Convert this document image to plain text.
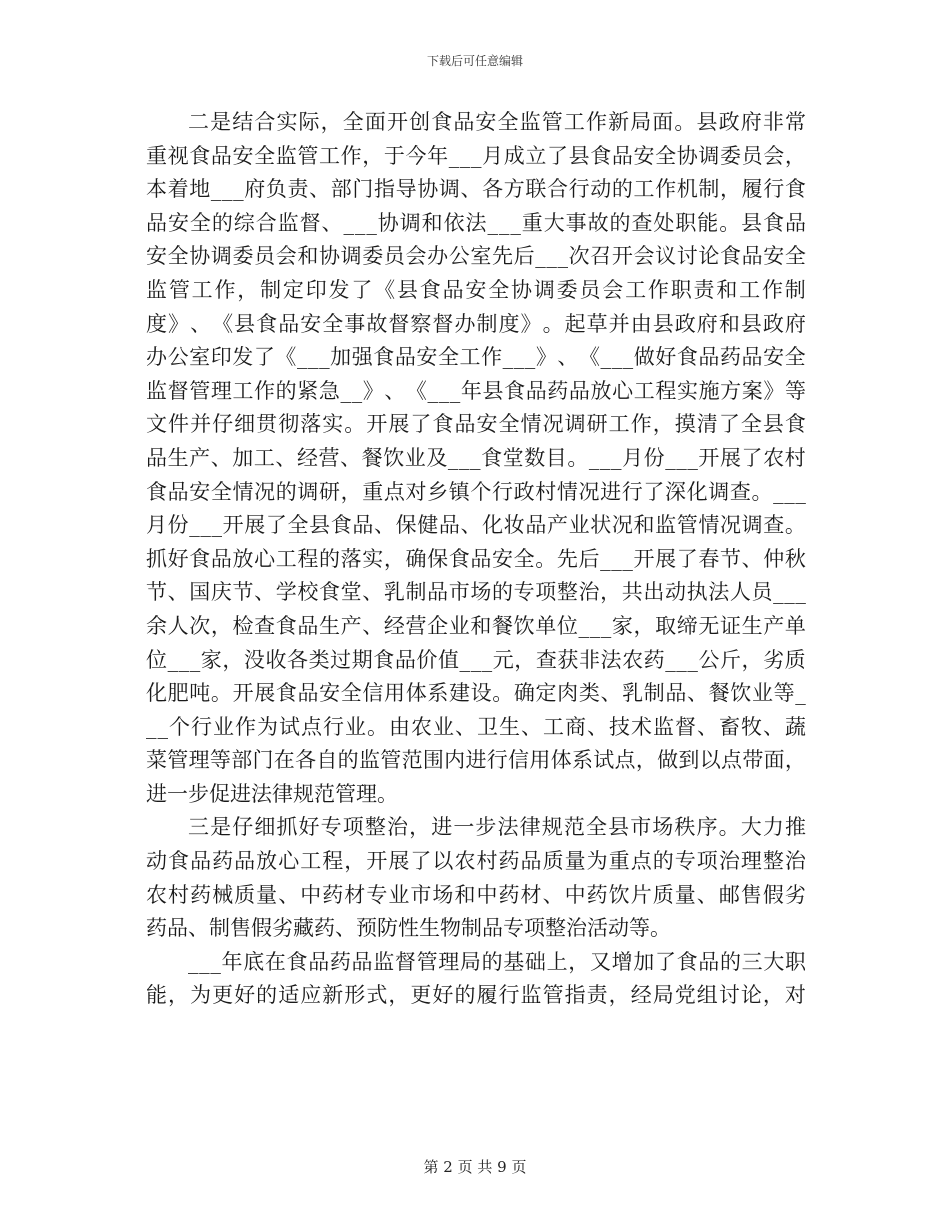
下载后可任意编辑
二 是 结 合 实 际 ， 全 面 开 创 食 品 安 全 监 管 工 作 新 局 面 。 县 政 府 非 常
重 视 食 品 安 全 监 管 工 作 ， 于 今 年 _ _ _ 月 成 立 了 县 食 品 安 全 协 调 委 员 会 ，
本 着 地 _ _ _ 府 负 责 、 部 门 指 导 协 调 、 各 方 联 合 行 动 的 工 作 机 制 ， 履 行 食
品 安 全 的 综 合 监 督 、 _ _ _ 协 调 和 依 法 _ _ _ 重 大 事 故 的 查 处 职 能 。 县 食 品
安 全 协 调 委 员 会 和 协 调 委 员 会 办 公 室 先 后 _ _ _ 次 召 开 会 议 讨 论 食 品 安 全
监 管 工 作 ， 制 定 印 发 了 《 县 食 品 安 全 协 调 委 员 会 工 作 职 责 和 工 作 制
度 》 、 《 县 食 品 安 全 事 故 督 察 督 办 制 度 》 。 起 草 并 由 县 政 府 和 县 政 府
办 公 室 印 发 了 《 _ _ _ 加 强 食 品 安 全 工 作 _ _ _ 》 、 《 _ _ _ 做 好 食 品 药 品 安 全
监 督 管 理 工 作 的 紧 急 _ _ 》 、 《 _ _ _ 年 县 食 品 药 品 放 心 工 程 实 施 方 案 》 等
文 件 并 仔 细 贯 彻 落 实 。 开 展 了 食 品 安 全 情 况 调 研 工 作 ， 摸 清 了 全 县 食
品 生 产 、 加 工 、 经 营 、 餐 饮 业 及 _ _ _ 食 堂 数 目 。 _ _ _ 月 份 _ _ _ 开 展 了 农 村
食 品 安 全 情 况 的 调 研 ， 重 点 对 乡 镇 个 行 政 村 情 况 进 行 了 深 化 调 查 。 _ _ _
月 份 _ _ _ 开 展 了 全 县 食 品 、 保 健 品 、 化 妆 品 产 业 状 况 和 监 管 情 况 调 查 。
抓 好 食 品 放 心 工 程 的 落 实 ， 确 保 食 品 安 全 。 先 后 _ _ _ 开 展 了 春 节 、 仲 秋
节 、 国 庆 节 、 学 校 食 堂 、 乳 制 品 市 场 的 专 项 整 治 ， 共 出 动 执 法 人 员 _ _ _
余 人 次 ， 检 查 食 品 生 产 、 经 营 企 业 和 餐 饮 单 位 _ _ _ 家 ， 取 缔 无 证 生 产 单
位 _ _ _ 家 ， 没 收 各 类 过 期 食 品 价 值 _ _ _ 元 ， 查 获 非 法 农 药 _ _ _ 公 斤 ， 劣 质
化 肥 吨 。 开 展 食 品 安 全 信 用 体 系 建 设 。 确 定 肉 类 、 乳 制 品 、 餐 饮 业 等 _
_ _ 个 行 业 作 为 试 点 行 业 。 由 农 业 、 卫 生 、 工 商 、 技 术 监 督 、 畜 牧 、 蔬
菜 管 理 等 部 门 在 各 自 的 监 管 范 围 内 进 行 信 用 体 系 试 点 ， 做 到 以 点 带 面 ，
进 一 步 促 进 法 律 规 范 管 理 。
三 是 仔 细 抓 好 专 项 整 治 ， 进 一 步 法 律 规 范 全 县 市 场 秩 序 。 大 力 推
动 食 品 药 品 放 心 工 程 ， 开 展 了 以 农 村 药 品 质 量 为 重 点 的 专 项 治 理 整 治
农 村 药 械 质 量 、 中 药 材 专 业 市 场 和 中 药 材 、 中 药 饮 片 质 量 、 邮 售 假 劣
药 品 、 制 售 假 劣 藏 药 、 预 防 性 生 物 制 品 专 项 整 治 活 动 等 。
_ _ _ 年 底 在 食 品 药 品 监 督 管 理 局 的 基 础 上 ， 又 增 加 了 食 品 的 三 大 职
能 ， 为 更 好 的 适 应 新 形 式 ， 更 好 的 履 行 监 管 指 责 ， 经 局 党 组 讨 论 ， 对
第 2 页 共 9 页
